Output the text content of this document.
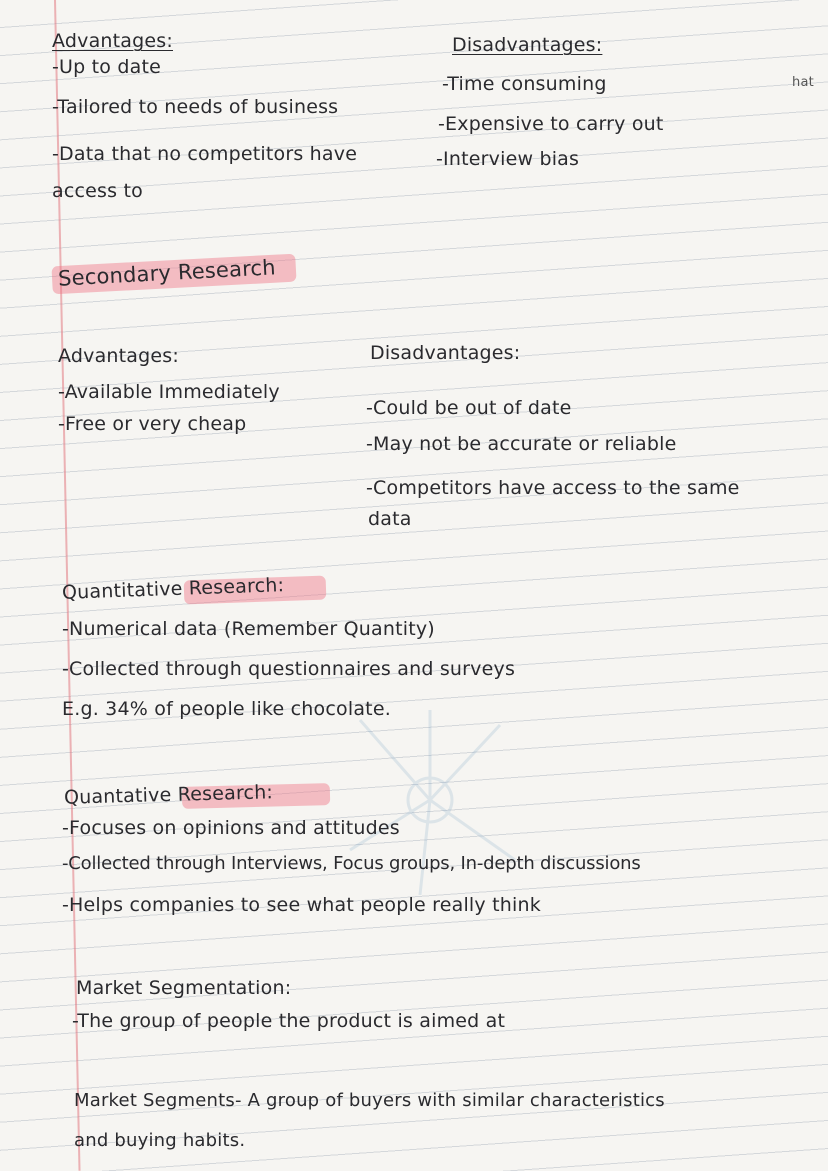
Advantages:
-Up to date
-Tailored to needs of business
-Data that no competitors have
access to
Disadvantages:
-Time consuming
-Expensive to carry out
-Interview bias
hat
Secondary Research
Advantages:
-Available Immediately
-Free or very cheap
Disadvantages:
-Could be out of date
-May not be accurate or reliable
-Competitors have access to the same
data
Quantitative Research:
-Numerical data (Remember Quantity)
-Collected through questionnaires and surveys
E.g. 34% of people like chocolate.
Quantative Research:
-Focuses on opinions and attitudes
-Collected through Interviews, Focus groups, In-depth discussions
-Helps companies to see what people really think
Market Segmentation:
-The group of people the product is aimed at
Market Segments- A group of buyers with similar characteristics
and buying habits.
